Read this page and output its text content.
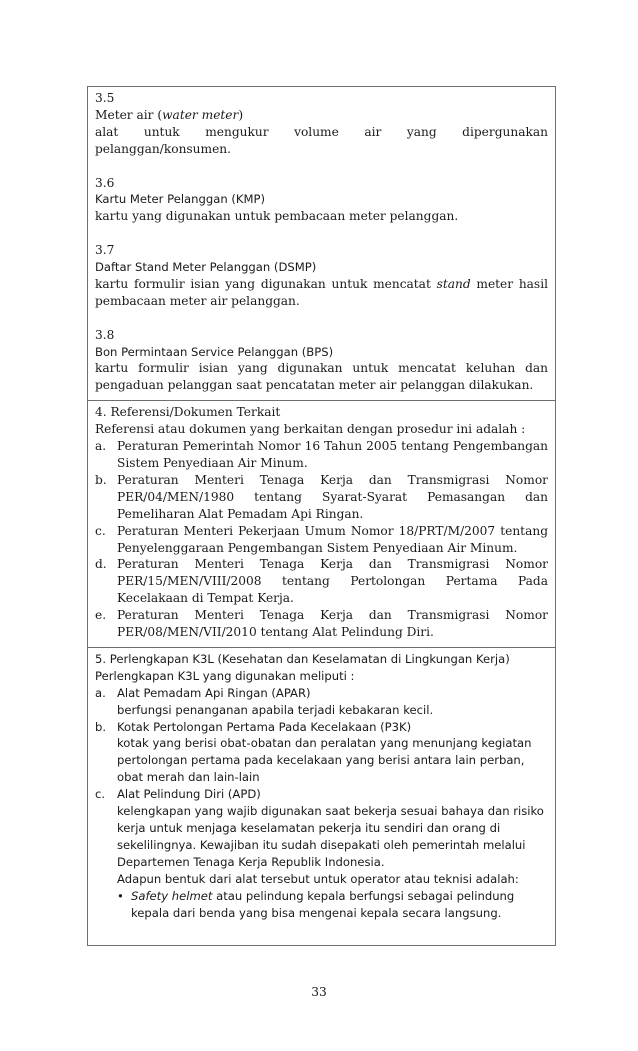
3.5
Meter air (water meter)
alat untuk mengukur volume air yang dipergunakan
pelanggan/konsumen.
3.6
Kartu Meter Pelanggan (KMP)
kartu yang digunakan untuk pembacaan meter pelanggan.
3.7
Daftar Stand Meter Pelanggan (DSMP)
kartu formulir isian yang digunakan untuk mencatat stand meter hasil pembacaan meter air pelanggan.
3.8
Bon Permintaan Service Pelanggan (BPS)
kartu formulir isian yang digunakan untuk mencatat keluhan dan pengaduan pelanggan saat pencatatan meter air pelanggan dilakukan.
4. Referensi/Dokumen Terkait
Referensi atau dokumen yang berkaitan dengan prosedur ini adalah :
a. Peraturan Pemerintah Nomor 16 Tahun 2005 tentang Pengembangan Sistem Penyediaan Air Minum.
b. Peraturan Menteri Tenaga Kerja dan Transmigrasi Nomor PER/04/MEN/1980 tentang Syarat-Syarat Pemasangan dan Pemeliharan Alat Pemadam Api Ringan.
c. Peraturan Menteri Pekerjaan Umum Nomor 18/PRT/M/2007 tentang Penyelenggaraan Pengembangan Sistem Penyediaan Air Minum.
d. Peraturan Menteri Tenaga Kerja dan Transmigrasi Nomor PER/15/MEN/VIII/2008 tentang Pertolongan Pertama Pada Kecelakaan di Tempat Kerja.
e. Peraturan Menteri Tenaga Kerja dan Transmigrasi Nomor PER/08/MEN/VII/2010 tentang Alat Pelindung Diri.
5. Perlengkapan K3L (Kesehatan dan Keselamatan di Lingkungan Kerja)
Perlengkapan K3L yang digunakan meliputi :
a. Alat Pemadam Api Ringan (APAR)
berfungsi penanganan apabila terjadi kebakaran kecil.
b. Kotak Pertolongan Pertama Pada Kecelakaan (P3K)
kotak yang berisi obat-obatan dan peralatan yang menunjang kegiatan pertolongan pertama pada kecelakaan yang berisi antara lain perban, obat merah dan lain-lain
c. Alat Pelindung Diri (APD)
kelengkapan yang wajib digunakan saat bekerja sesuai bahaya dan risiko kerja untuk menjaga keselamatan pekerja itu sendiri dan orang di sekelilingnya. Kewajiban itu sudah disepakati oleh pemerintah melalui Departemen Tenaga Kerja Republik Indonesia.
Adapun bentuk dari alat tersebut untuk operator atau teknisi adalah:
• Safety helmet atau pelindung kepala berfungsi sebagai pelindung kepala dari benda yang bisa mengenai kepala secara langsung.
33
